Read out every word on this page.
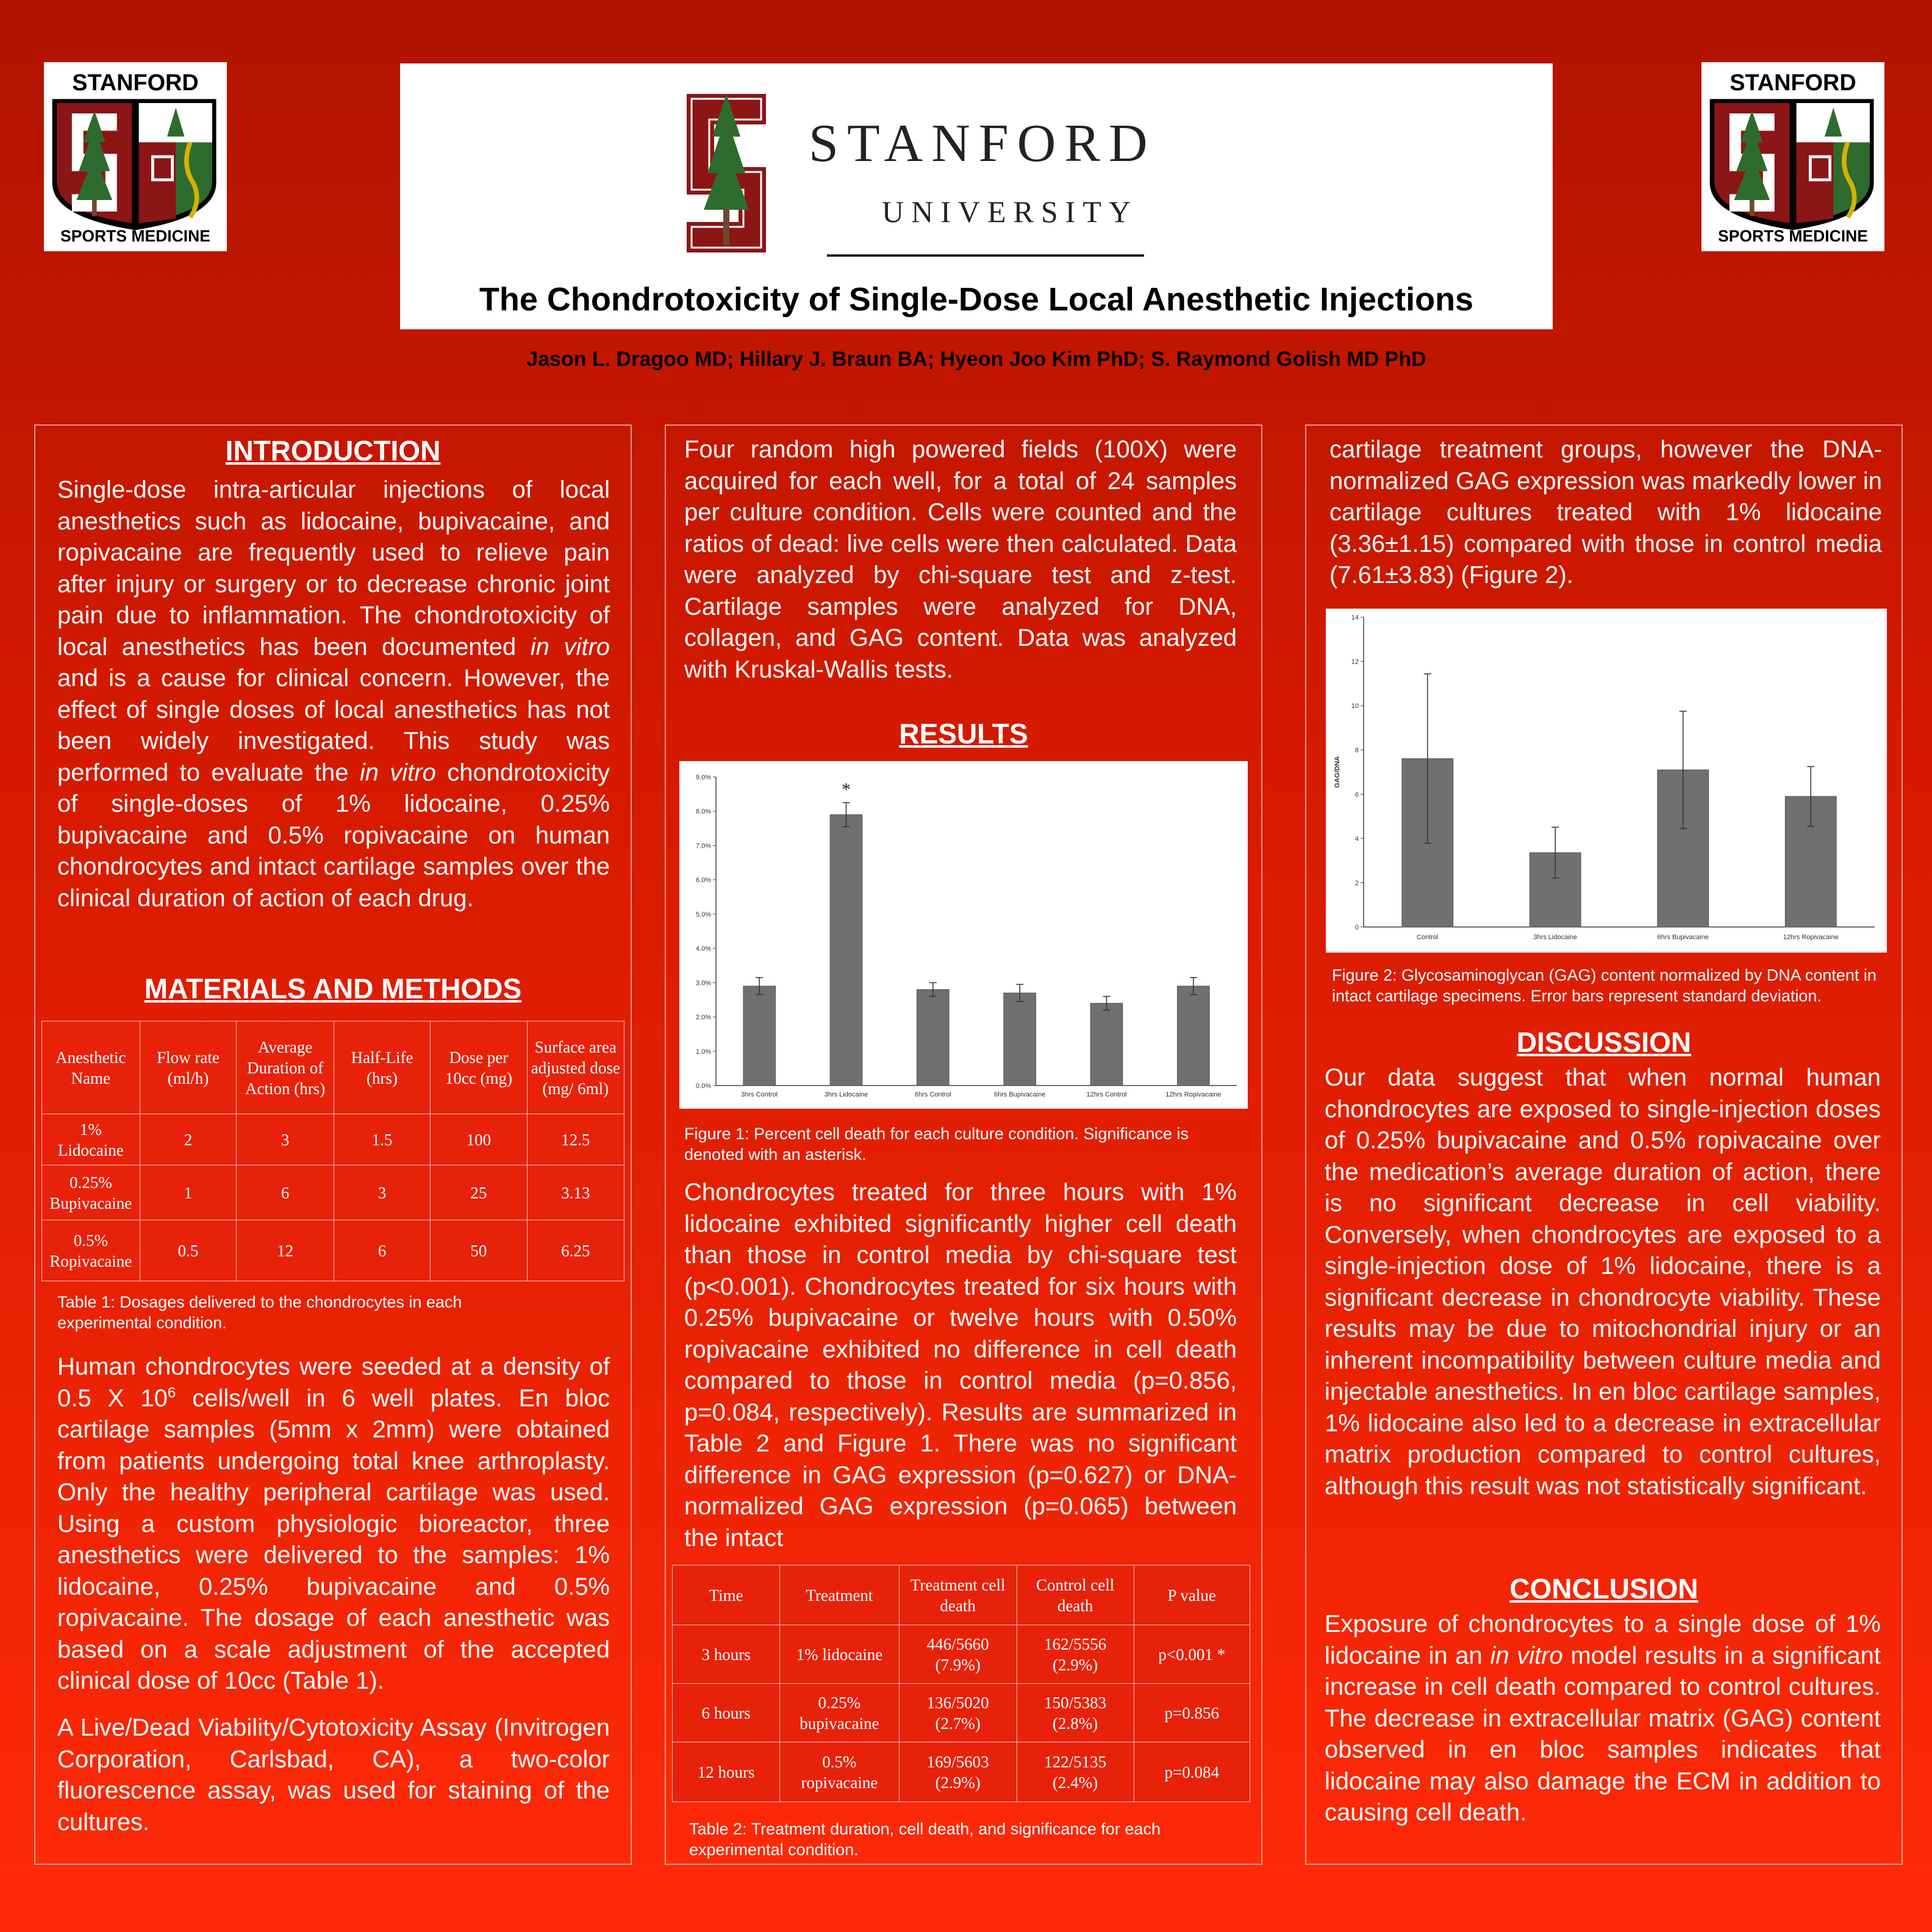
STANFORD
SPORTS MEDICINE
STANFORD
SPORTS MEDICINE
STANFORD
UNIVERSITY
The Chondrotoxicity of Single-Dose Local Anesthetic Injections
Jason L. Dragoo MD; Hillary J. Braun BA; Hyeon Joo Kim PhD; S. Raymond Golish MD PhD
INTRODUCTION

Single-dose intra-articular injections of local anesthetics such as lidocaine, bupivacaine, and ropivacaine are frequently used to relieve pain after injury or surgery or to decrease chronic joint pain due to inflammation. The chondrotoxicity of local anesthetics has been documented in vitro and is a cause for clinical concern. However, the effect of single doses of local anesthetics has not been widely investigated. This study was performed to evaluate the in vitro chondrotoxicity of single-doses of 1% lidocaine, 0.25% bupivacaine and 0.5% ropivacaine on human chondrocytes and intact cartilage samples over the clinical duration of action of each drug.

MATERIALS AND METHODS
Anesthetic Name	Flow rate (ml/h)	Average Duration of Action (hrs)	Half-Life (hrs)	Dose per 10cc (mg)	Surface area adjusted dose (mg/ 6ml)
1% Lidocaine	2	3	1.5	100	12.5
0.25% Bupivacaine	1	6	3	25	3.13
0.5% Ropivacaine	0.5	12	6	50	6.25

Table 1: Dosages delivered to the chondrocytes in each experimental condition.

Human chondrocytes were seeded at a density of 0.5 X $10^6$ cells/well in 6 well plates. En bloc cartilage samples (5mm x 2mm) were obtained from patients undergoing total knee arthroplasty. Only the healthy peripheral cartilage was used. Using a custom physiologic bioreactor, three anesthetics were delivered to the samples: 1% lidocaine, 0.25% bupivacaine and 0.5% ropivacaine. The dosage of each anesthetic was based on a scale adjustment of the accepted clinical dose of 10cc (Table 1).

A Live/Dead Viability/Cytotoxicity Assay (Invitrogen Corporation, Carlsbad, CA), a two-color fluorescence assay, was used for staining of the cultures.

Four random high powered fields (100X) were acquired for each well, for a total of 24 samples per culture condition. Cells were counted and the ratios of dead: live cells were then calculated. Data were analyzed by chi-square test and z-test. Cartilage samples were analyzed for DNA, collagen, and GAG content. Data was analyzed with Kruskal-Wallis tests.

RESULTS
0.0%
1.0%
2.0%
3.0%
4.0%
5.0%
6.0%
7.0%
8.0%
9.0%
3hrs Control	3hrs Lidocaine
*
6hrs Control	6hrs Bupivacaine	12hrs Control	12hrs Ropivacaine

Figure 1: Percent cell death for each culture condition. Significance is denoted with an asterisk.

Chondrocytes treated for three hours with 1% lidocaine exhibited significantly higher cell death than those in control media by chi-square test (p<0.001). Chondrocytes treated for six hours with 0.25% bupivacaine or twelve hours with 0.50% ropivacaine exhibited no difference in cell death compared to those in control media (p=0.856, p=0.084, respectively). Results are summarized in Table 2 and Figure 1. There was no significant difference in GAG expression (p=0.627) or DNA-normalized GAG expression (p=0.065) between the intact

Time	Treatment	Treatment cell death	Control cell death	P value
3 hours	1% lidocaine	446/5660 (7.9%)	162/5556 (2.9%)	p<0.001 *
6 hours	0.25% bupivacaine	136/5020 (2.7%)	150/5383 (2.8%)	p=0.856
12 hours	0.5% ropivacaine	169/5603 (2.9%)	122/5135 (2.4%)	p=0.084

Table 2: Treatment duration, cell death, and significance for each experimental condition.

cartilage treatment groups, however the DNA-normalized GAG expression was markedly lower in cartilage cultures treated with 1% lidocaine (3.36±1.15) compared with those in control media (7.61±3.83) (Figure 2).

0
2
4
6
8
10
12
14
Control	3hrs Lidocaine	6hrs Bupivacaine	12hrs Ropivacaine
GAG/DNA

Figure 2: Glycosaminoglycan (GAG) content normalized by DNA content in intact cartilage specimens. Error bars represent standard deviation.

DISCUSSION

Our data suggest that when normal human chondrocytes are exposed to single-injection doses of 0.25% bupivacaine and 0.5% ropivacaine over the medication’s average duration of action, there is no significant decrease in cell viability. Conversely, when chondrocytes are exposed to a single-injection dose of 1% lidocaine, there is a significant decrease in chondrocyte viability. These results may be due to mitochondrial injury or an inherent incompatibility between culture media and injectable anesthetics. In en bloc cartilage samples, 1% lidocaine also led to a decrease in extracellular matrix production compared to control cultures, although this result was not statistically significant.

CONCLUSION

Exposure of chondrocytes to a single dose of 1% lidocaine in an in vitro model results in a significant increase in cell death compared to control cultures. The decrease in extracellular matrix (GAG) content observed in en bloc samples indicates that lidocaine may also damage the ECM in addition to causing cell death.
